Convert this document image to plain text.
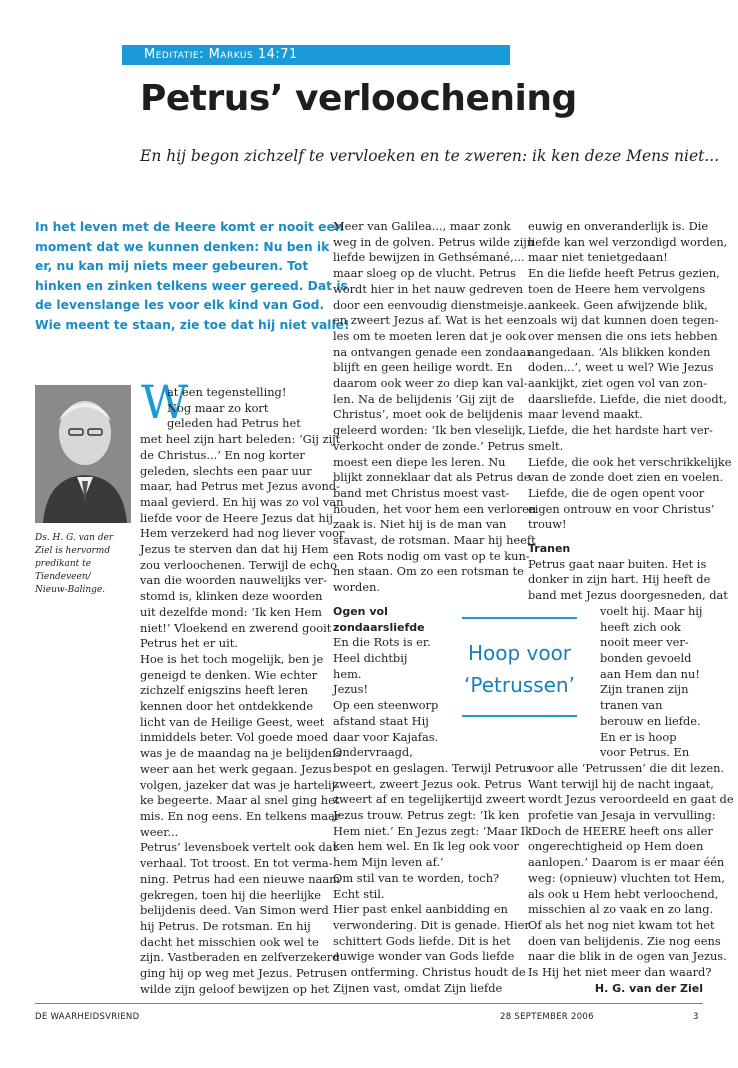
Meditatie: Markus 14:71
Petrus’ verloochening
En hij begon zichzelf te vervloeken en te zweren: ik ken deze Mens niet...

In het leven met de Heere komt er nooit een

moment dat we kunnen denken: Nu ben ik

er, nu kan mij niets meer gebeuren. Tot

hinken en zinken telkens weer gereed. Dat is

de levenslange les voor elk kind van God.

Wie meent te staan, zie toe dat hij niet valle!

Ds. H. G. van der

Ziel is hervormd

predikant te

Tiendeveen/

Nieuw-Balinge.

W

at een tegenstelling!

Nog maar zo kort

geleden had Petrus het

met heel zijn hart beleden: ‘Gij zijt

de Christus...’ En nog korter

geleden, slechts een paar uur

maar, had Petrus met Jezus avond-

maal gevierd. En hij was zo vol van

liefde voor de Heere Jezus dat hij

Hem verzekerd had nog liever voor

Jezus te sterven dan dat hij Hem

zou verloochenen. Terwijl de echo

van die woorden nauwelijks ver-

stomd is, klinken deze woorden

uit dezelfde mond: ‘Ik ken Hem

niet!’ Vloekend en zwerend gooit

Petrus het er uit.

Hoe is het toch mogelijk, ben je

geneigd te denken. Wie echter

zichzelf enigszins heeft leren

kennen door het ontdekkende

licht van de Heilige Geest, weet

inmiddels beter. Vol goede moed

was je de maandag na je belijdenis

weer aan het werk gegaan. Jezus

volgen, jazeker dat was je hartelij-

ke begeerte. Maar al snel ging het

mis. En nog eens. En telkens maar

weer...

Petrus’ levensboek vertelt ook dat

verhaal. Tot troost. En tot verma-

ning. Petrus had een nieuwe naam

gekregen, toen hij die heerlijke

belijdenis deed. Van Simon werd

hij Petrus. De rotsman. En hij

dacht het misschien ook wel te

zijn. Vastberaden en zelfverzekerd

ging hij op weg met Jezus. Petrus

wilde zijn geloof bewijzen op het

Meer van Galilea..., maar zonk

weg in de golven. Petrus wilde zijn

liefde bewijzen in Gethsémané,...

maar sloeg op de vlucht. Petrus

wordt hier in het nauw gedreven

door een eenvoudig dienstmeisje...

en zweert Jezus af. Wat is het een

les om te moeten leren dat je ook

na ontvangen genade een zondaar

blijft en geen heilige wordt. En

daarom ook weer zo diep kan val-

len. Na de belijdenis ‘Gij zijt de

Christus’, moet ook de belijdenis

geleerd worden: ‘Ik ben vleselijk,

verkocht onder de zonde.’ Petrus

moest een diepe les leren. Nu

blijkt zonneklaar dat als Petrus de

band met Christus moest vast-

houden, het voor hem een verloren

zaak is. Niet hij is de man van

stavast, de rotsman. Maar hij heeft

een Rots nodig om vast op te kun-

nen staan. Om zo een rotsman te

worden.

Ogen vol

zondaarsliefde

En die Rots is er.

Heel dichtbij

hem.

Jezus!

Op een steenworp

afstand staat Hij

daar voor Kajafas.

Ondervraagd,

bespot en geslagen. Terwijl Petrus

zweert, zweert Jezus ook. Petrus

zweert af en tegelijkertijd zweert

Jezus trouw. Petrus zegt: ‘Ik ken

Hem niet.’ En Jezus zegt: ‘Maar Ik

ken hem wel. En Ik leg ook voor

hem Mijn leven af.’

Om stil van te worden, toch?

Echt stil.

Hier past enkel aanbidding en

verwondering. Dit is genade. Hier

schittert Gods liefde. Dit is het

euwige wonder van Gods liefde

en ontferming. Christus houdt de

Zijnen vast, omdat Zijn liefde

euwig en onveranderlijk is. Die

liefde kan wel verzondigd worden,

maar niet tenietgedaan!

En die liefde heeft Petrus gezien,

toen de Heere hem vervolgens

aankeek. Geen afwijzende blik,

zoals wij dat kunnen doen tegen-

over mensen die ons iets hebben

aangedaan. ‘Als blikken konden

doden...’, weet u wel? Wie Jezus

aankijkt, ziet ogen vol van zon-

daarsliefde. Liefde, die niet doodt,

maar levend maakt.

Liefde, die het hardste hart ver-

smelt.

Liefde, die ook het verschrikkelijke

van de zonde doet zien en voelen.

Liefde, die de ogen opent voor

eigen ontrouw en voor Christus’

trouw!

Tranen

Petrus gaat naar buiten. Het is

donker in zijn hart. Hij heeft de

band met Jezus doorgesneden, dat

voelt hij. Maar hij

heeft zich ook

nooit meer ver-

bonden gevoeld

aan Hem dan nu!

Zijn tranen zijn

tranen van

berouw en liefde.

En er is hoop

voor Petrus. En

voor alle ‘Petrussen’ die dit lezen.

Want terwijl hij de nacht ingaat,

wordt Jezus veroordeeld en gaat de

profetie van Jesaja in vervulling:

‘Doch de HEERE heeft ons aller

ongerechtigheid op Hem doen

aanlopen.’ Daarom is er maar één

weg: (opnieuw) vluchten tot Hem,

als ook u Hem hebt verloochend,

misschien al zo vaak en zo lang.

Of als het nog niet kwam tot het

doen van belijdenis. Zie nog eens

naar die blik in de ogen van Jezus.

Is Hij het niet meer dan waard?

H. G. van der Ziel

Hoop voor
‘Petrussen’
DE WAARHEIDSVRIEND	28 SEPTEMBER 2006	3
